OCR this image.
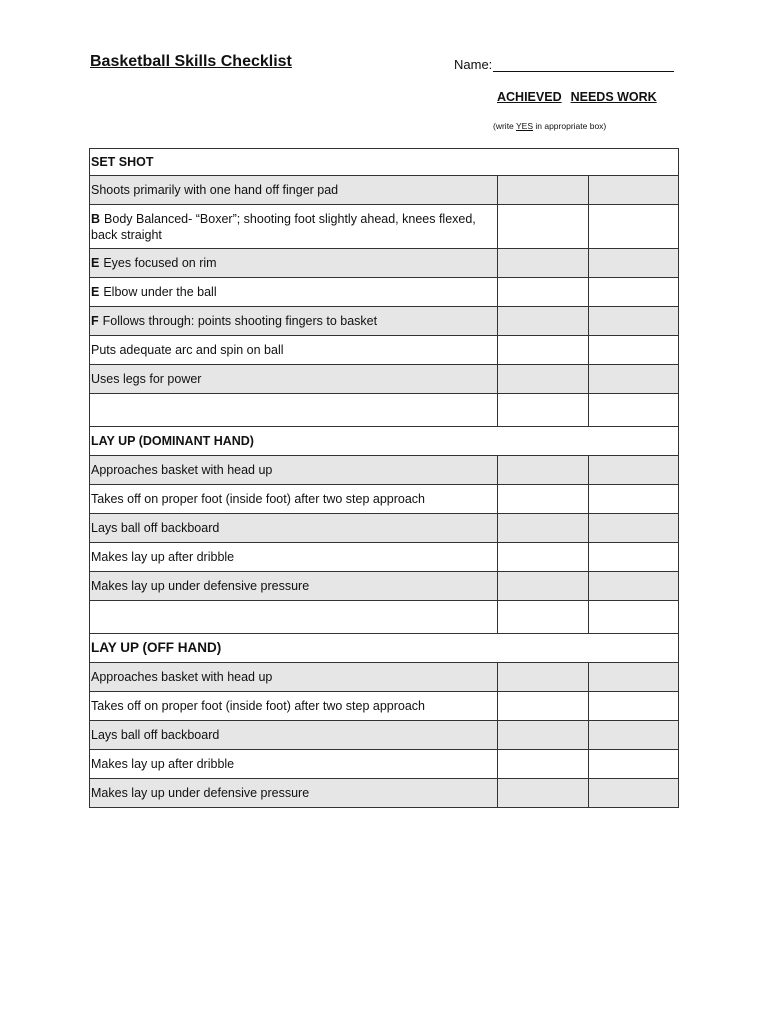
Basketball Skills Checklist	Name:
ACHIEVED NEEDS WORK
(write YES in appropriate box)
SET SHOT		
Shoots primarily with one hand off finger pad		
B Body Balanced- “Boxer”; shooting foot slightly ahead, knees flexed, back straight		
E Eyes focused on rim		
E Elbow under the ball		
F Follows through: points shooting fingers to basket		
Puts adequate arc and spin on ball		
Uses legs for power		

LAY UP (DOMINANT HAND)		
Approaches basket with head up		
Takes off on proper foot (inside foot) after two step approach		
Lays ball off backboard		
Makes lay up after dribble		
Makes lay up under defensive pressure		

LAY UP (OFF HAND)		
Approaches basket with head up		
Takes off on proper foot (inside foot) after two step approach		
Lays ball off backboard		
Makes lay up after dribble		
Makes lay up under defensive pressure		
